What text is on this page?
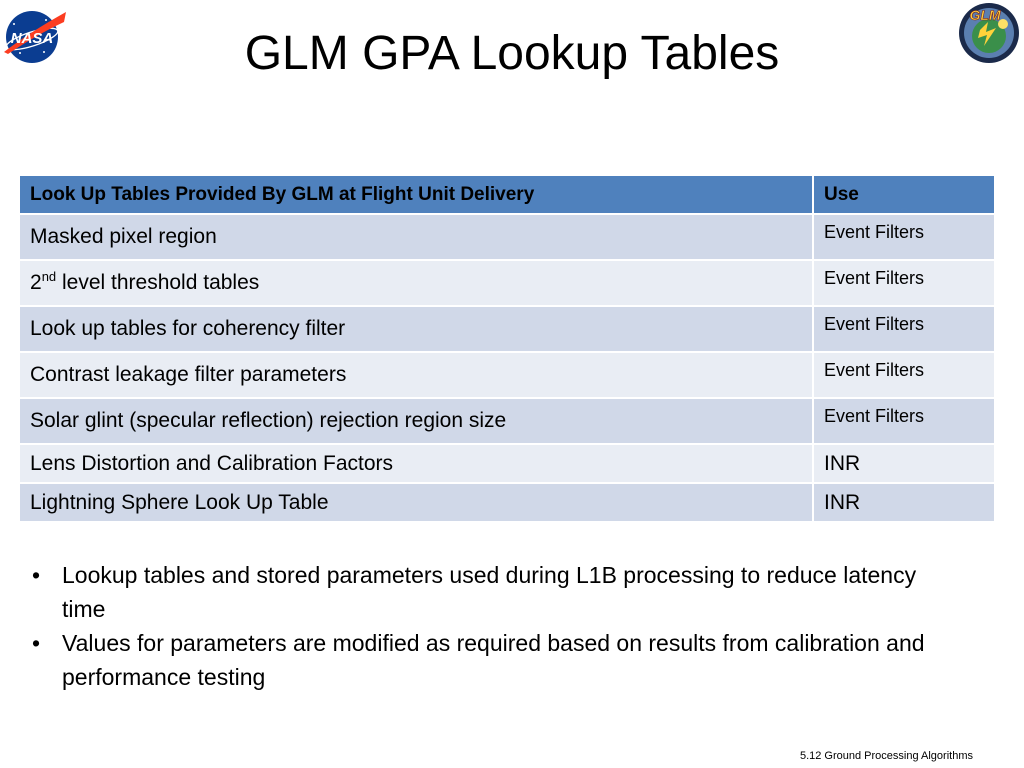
NASA
GLM
GLM GPA Lookup Tables
Look Up Tables Provided By GLM at Flight Unit Delivery	Use
Masked pixel region	Event Filters
2nd level threshold tables	Event Filters
Look up tables for coherency filter	Event Filters
Contrast leakage filter parameters	Event Filters
Solar glint (specular reflection) rejection region size	Event Filters
Lens Distortion and Calibration Factors	INR
Lightning Sphere Look Up Table	INR
• Lookup tables and stored parameters used during L1B processing to reduce latency time
• Values for parameters are modified as required based on results from calibration and performance testing
5.12 Ground Processing Algorithms
